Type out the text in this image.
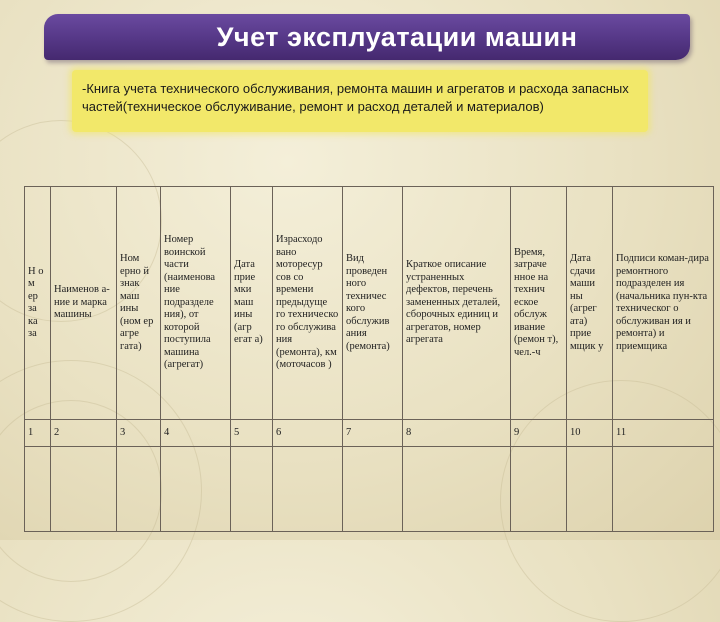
Учет эксплуатации машин
-Книга учета технического обслуживания, ремонта машин и агрегатов и расхода запасных частей(техническое обслуживание, ремонт и расход деталей и материалов)
Н о м ер за ка за	Наименов а-ние и марка машины	Ном ерно й знак маш ины (ном ер агре гата)	Номер воинской части (наименова ние подразделе ния), от которой поступила машина (агрегат)	Дата прие мки маш ины (агр егат а)	Израсходо вано моторесур сов со времени предыдуще го техническо го обслужива ния (ремонта), км (моточасов )	Вид проведен ного техничес кого обслужив ания (ремонта)	Краткое описание устраненных дефектов, перечень замененных деталей, сборочных единиц и агрегатов, номер агрегата	Время, затраче нное на технич еское обслуж ивание (ремон т), чел.-ч	Дата сдачи маши ны (агрег ата) прие мщик у	Подписи коман-дира ремонтного подразделен ия (начальника пун-кта техническог о обслуживан ия и ремонта) и приемщика
1	2	3	4	5	6	7	8	9	10	11
